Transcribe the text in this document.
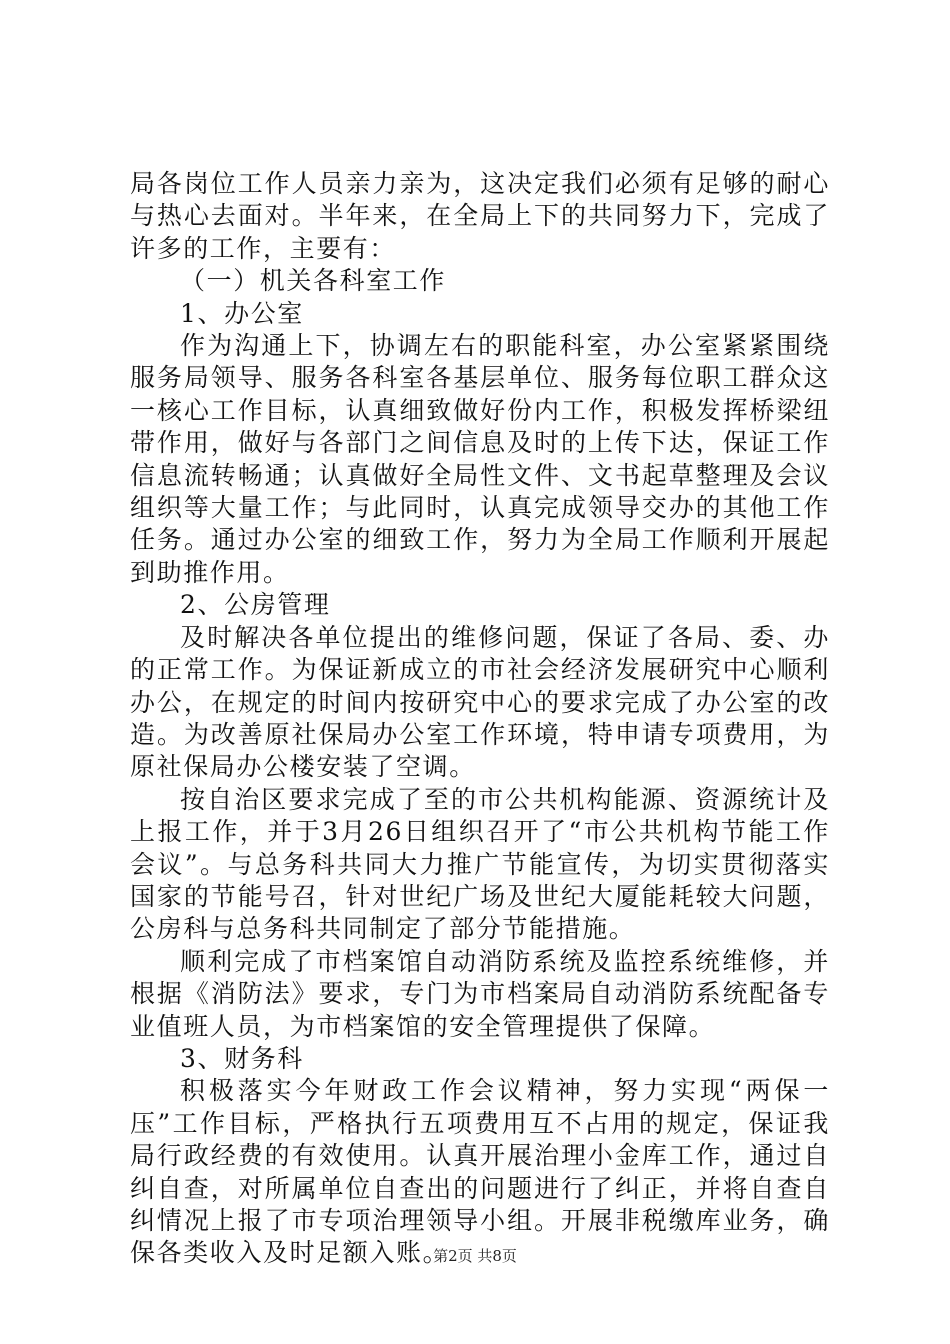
局各岗位工作人员亲力亲为，这决定我们必须有足够的耐心与热心去面对。半年来，在全局上下的共同努力下，完成了许多的工作，主要有：

（一）机关各科室工作

1、办公室

作为沟通上下，协调左右的职能科室，办公室紧紧围绕服务局领导、服务各科室各基层单位、服务每位职工群众这一核心工作目标，认真细致做好份内工作，积极发挥桥梁纽带作用，做好与各部门之间信息及时的上传下达，保证工作信息流转畅通；认真做好全局性文件、文书起草整理及会议组织等大量工作；与此同时，认真完成领导交办的其他工作任务。通过办公室的细致工作，努力为全局工作顺利开展起到助推作用。

2、公房管理

及时解决各单位提出的维修问题，保证了各局、委、办的正常工作。为保证新成立的市社会经济发展研究中心顺利办公，在规定的时间内按研究中心的要求完成了办公室的改造。为改善原社保局办公室工作环境，特申请专项费用，为原社保局办公楼安装了空调。

按自治区要求完成了至的市公共机构能源、资源统计及上报工作，并于3月26日组织召开了“市公共机构节能工作会议”。与总务科共同大力推广节能宣传，为切实贯彻落实国家的节能号召，针对世纪广场及世纪大厦能耗较大问题，公房科与总务科共同制定了部分节能措施。

顺利完成了市档案馆自动消防系统及监控系统维修，并根据《消防法》要求，专门为市档案局自动消防系统配备专业值班人员，为市档案馆的安全管理提供了保障。

3、财务科

积极落实今年财政工作会议精神，努力实现“两保一压”工作目标，严格执行五项费用互不占用的规定，保证我局行政经费的有效使用。认真开展治理小金库工作，通过自纠自查，对所属单位自查出的问题进行了纠正，并将自查自纠情况上报了市专项治理领导小组。开展非税缴库业务，确保各类收入及时足额入账。

第2页 共8页
